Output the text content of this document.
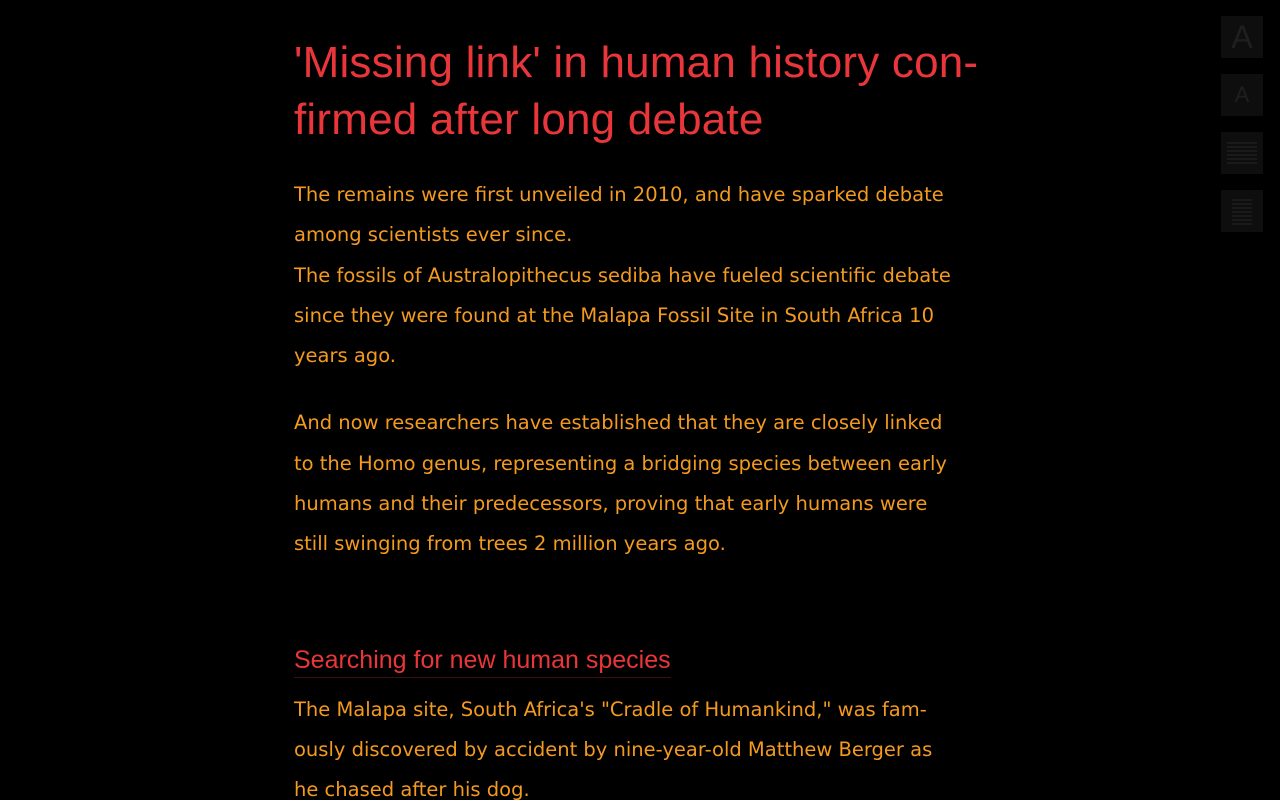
'Missing link' in human history con-
firmed after long debate

The remains were first unveiled in 2010, and have sparked debate
among scientists ever since.

The fossils of Australopithecus sediba have fueled scientific debate
since they were found at the Malapa Fossil Site in South Africa 10
years ago.

And now researchers have established that they are closely linked
to the Homo genus, representing a bridging species between early
humans and their predecessors, proving that early humans were
still swinging from trees 2 million years ago.

Searching for new human species

The Malapa site, South Africa's "Cradle of Humankind," was fam-
ously discovered by accident by nine-year-old Matthew Berger as
he chased after his dog.

A
A
